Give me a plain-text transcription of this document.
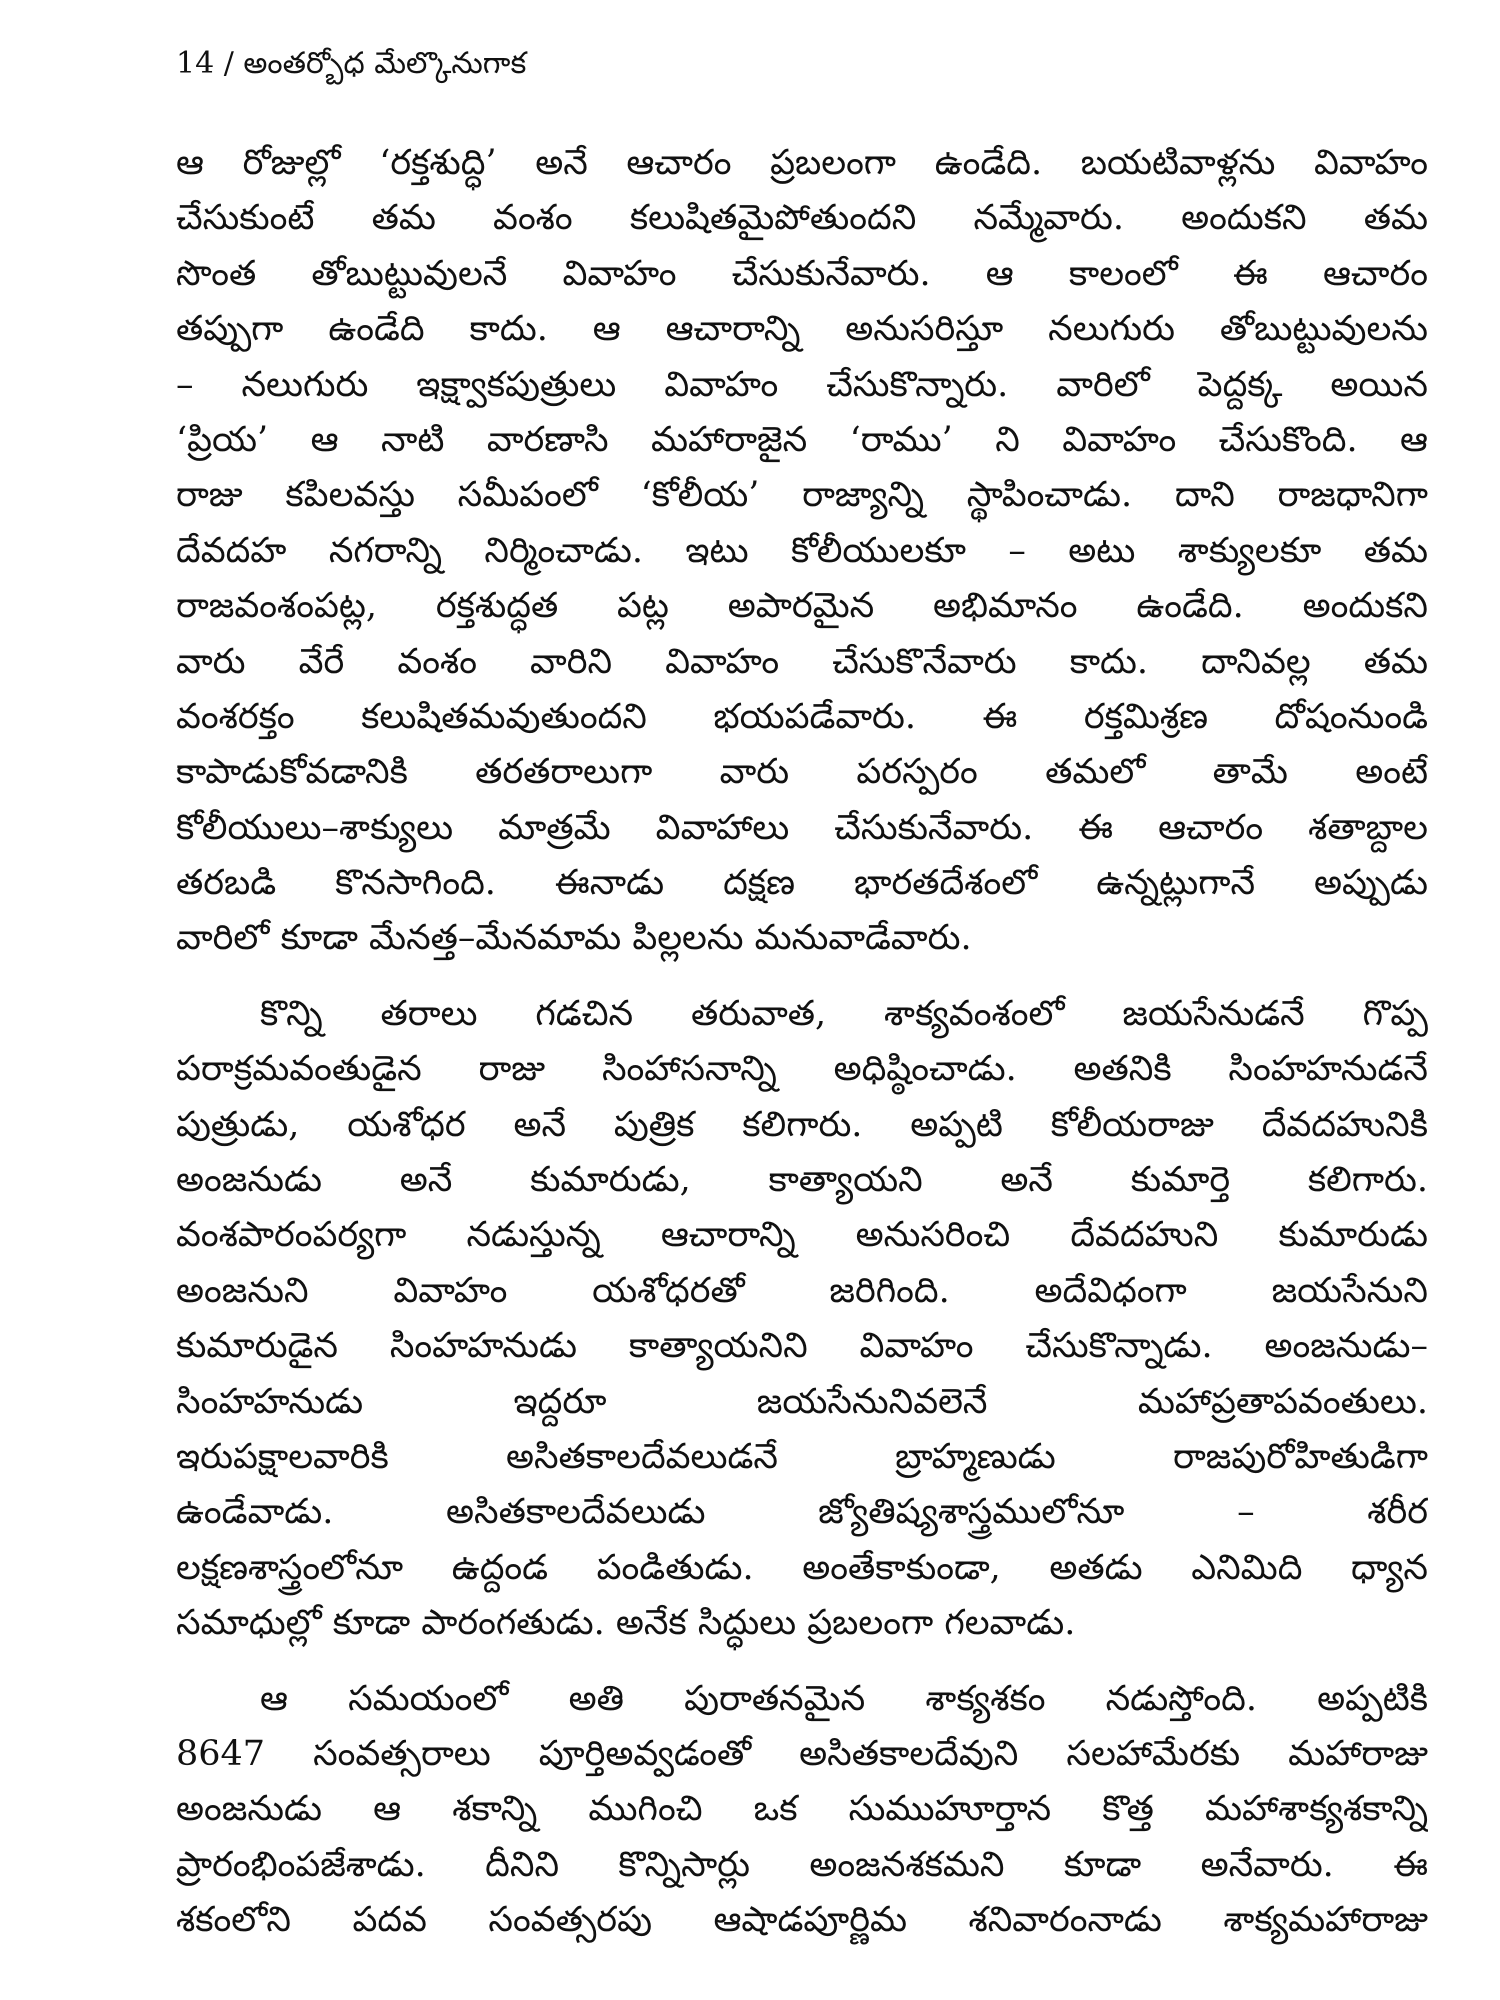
14 / అంతర్బోధ మేల్కొనుగాక
ఆ రోజుల్లో ‘రక్తశుద్ధి’ అనే ఆచారం ప్రబలంగా ఉండేది. బయటివాళ్లను వివాహం
చేసుకుంటే తమ వంశం కలుషితమైపోతుందని నమ్మేవారు. అందుకని తమ
సొంత తోబుట్టువులనే వివాహం చేసుకునేవారు. ఆ కాలంలో ఈ ఆచారం
తప్పుగా ఉండేది కాదు. ఆ ఆచారాన్ని అనుసరిస్తూ నలుగురు తోబుట్టువులను
– నలుగురు ఇక్ష్వాకపుత్రులు వివాహం చేసుకొన్నారు. వారిలో పెద్దక్క అయిన
‘ప్రియ’ ఆ నాటి వారణాసి మహారాజైన ‘రాము’ ని వివాహం చేసుకొంది. ఆ
రాజు కపిలవస్తు సమీపంలో ‘కోలీయ’ రాజ్యాన్ని స్థాపించాడు. దాని రాజధానిగా
దేవదహ నగరాన్ని నిర్మించాడు. ఇటు కోలీయులకూ – అటు శాక్యులకూ తమ
రాజవంశంపట్ల, రక్తశుద్ధత పట్ల అపారమైన అభిమానం ఉండేది. అందుకని
వారు వేరే వంశం వారిని వివాహం చేసుకొనేవారు కాదు. దానివల్ల తమ
వంశరక్తం కలుషితమవుతుందని భయపడేవారు. ఈ రక్తమిశ్రణ దోషంనుండి
కాపాడుకోవడానికి తరతరాలుగా వారు పరస్పరం తమలో తామే అంటే
కోలీయులు–శాక్యులు మాత్రమే వివాహాలు చేసుకునేవారు. ఈ ఆచారం శతాబ్దాల
తరబడి కొనసాగింది. ఈనాడు దక్షణ భారతదేశంలో ఉన్నట్లుగానే అప్పుడు
వారిలో కూడా మేనత్త–మేనమామ పిల్లలను మనువాడేవారు.
కొన్ని తరాలు గడచిన తరువాత, శాక్యవంశంలో జయసేనుడనే గొప్ప
పరాక్రమవంతుడైన రాజు సింహాసనాన్ని అధిష్ఠించాడు. అతనికి సింహహనుడనే
పుత్రుడు, యశోధర అనే పుత్రిక కలిగారు. అప్పటి కోలీయరాజు దేవదహునికి
అంజనుడు అనే కుమారుడు, కాత్యాయని అనే కుమార్తె కలిగారు.
వంశపారంపర్యగా నడుస్తున్న ఆచారాన్ని అనుసరించి దేవదహుని కుమారుడు
అంజనుని వివాహం యశోధరతో జరిగింది. అదేవిధంగా జయసేనుని
కుమారుడైన సింహహనుడు కాత్యాయనిని వివాహం చేసుకొన్నాడు. అంజనుడు–
సింహహనుడు ఇద్దరూ జయసేనునివలెనే మహాప్రతాపవంతులు.
ఇరుపక్షాలవారికి అసితకాలదేవలుడనే బ్రాహ్మణుడు రాజపురోహితుడిగా
ఉండేవాడు. అసితకాలదేవలుడు జ్యోతిష్యశాస్త్రములోనూ – శరీర
లక్షణశాస్త్రంలోనూ ఉద్దండ పండితుడు. అంతేకాకుండా, అతడు ఎనిమిది ధ్యాన
సమాధుల్లో కూడా పారంగతుడు. అనేక సిద్ధులు ప్రబలంగా గలవాడు.
ఆ సమయంలో అతి పురాతనమైన శాక్యశకం నడుస్తోంది. అప్పటికి
8647 సంవత్సరాలు పూర్తిఅవ్వడంతో అసితకాలదేవుని సలహామేరకు మహారాజు
అంజనుడు ఆ శకాన్ని ముగించి ఒక సుముహూర్తాన కొత్త మహాశాక్యశకాన్ని
ప్రారంభింపజేశాడు. దీనిని కొన్నిసార్లు అంజనశకమని కూడా అనేవారు. ఈ
శకంలోని పదవ సంవత్సరపు ఆషాడపూర్ణిమ శనివారంనాడు శాక్యమహారాజు
